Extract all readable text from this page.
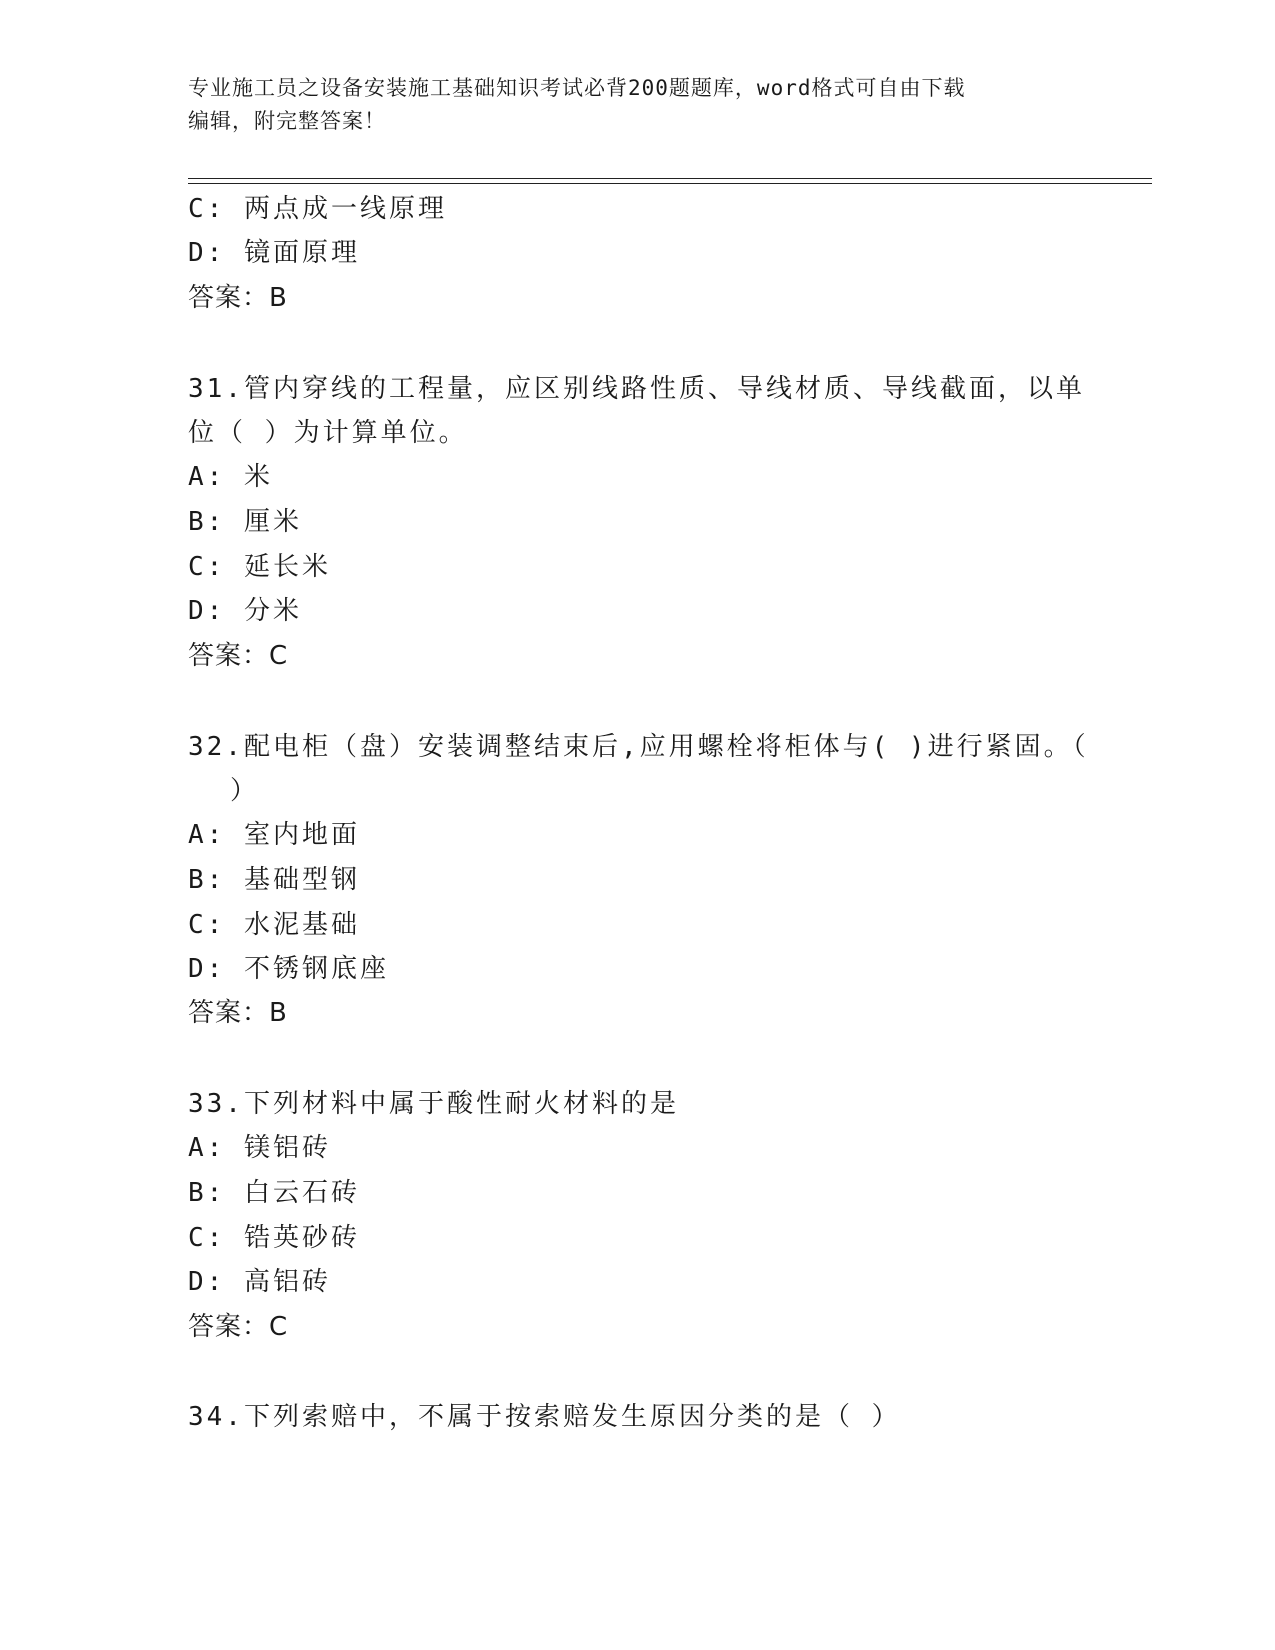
专业施工员之设备安装施工基础知识考试必背200题题库，word格式可自由下载
编辑，附完整答案！
C: 两点成一线原理
D: 镜面原理
答案：B
31.管内穿线的工程量，应区别线路性质、导线材质、导线截面，以单
位（ ）为计算单位。
A: 米
B: 厘米
C: 延长米
D: 分米
答案：C
32.配电柜（盘）安装调整结束后,应用螺栓将柜体与( )进行紧固。（
）
A: 室内地面
B: 基础型钢
C: 水泥基础
D: 不锈钢底座
答案：B
33.下列材料中属于酸性耐火材料的是
A: 镁铝砖
B: 白云石砖
C: 锆英砂砖
D: 高铝砖
答案：C
34.下列索赔中，不属于按索赔发生原因分类的是（ ）
